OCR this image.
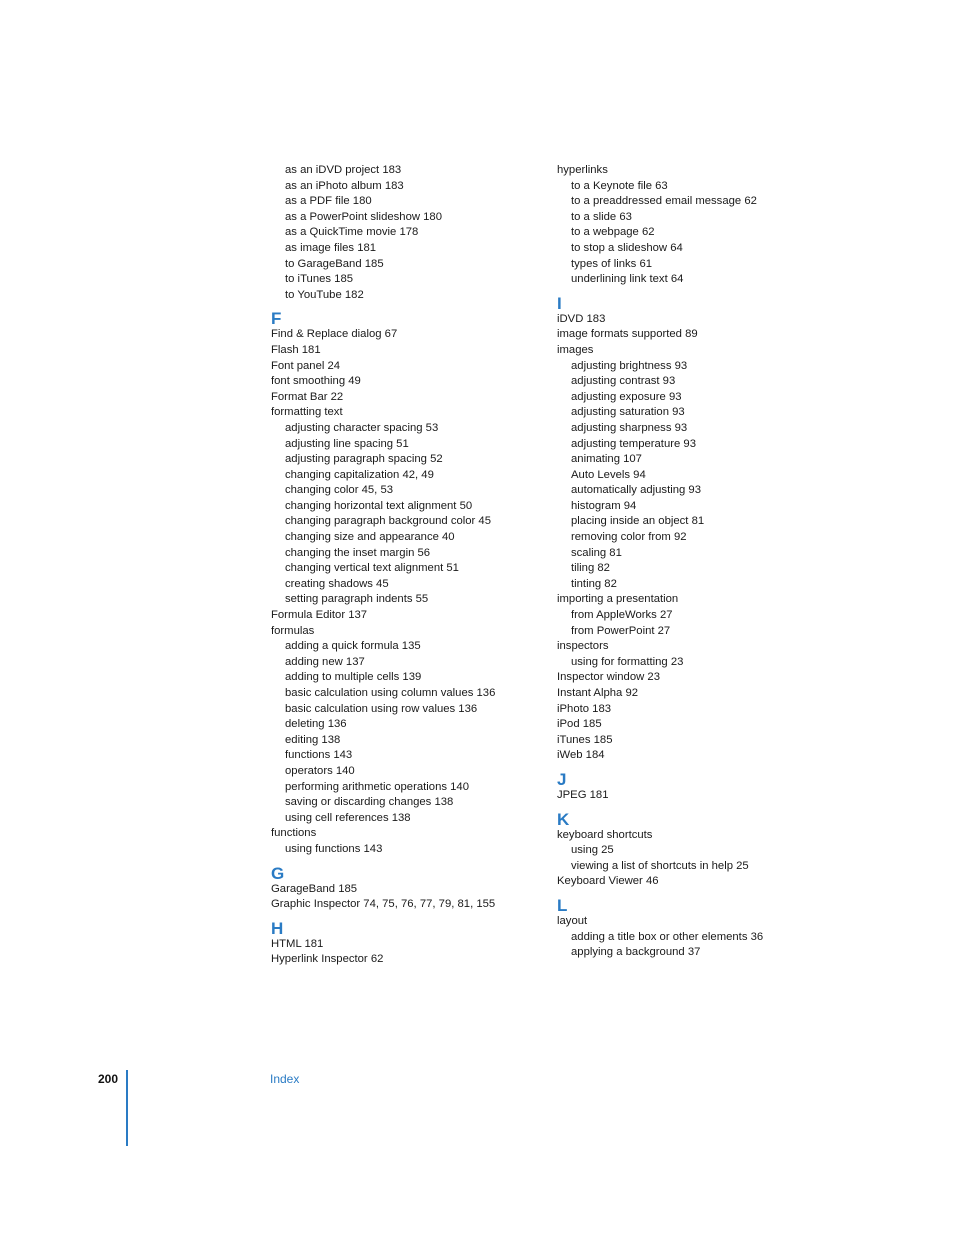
as an iDVD project 183
as an iPhoto album 183
as a PDF file 180
as a PowerPoint slideshow 180
as a QuickTime movie 178
as image files 181
to GarageBand 185
to iTunes 185
to YouTube 182
F
Find & Replace dialog 67
Flash 181
Font panel 24
font smoothing 49
Format Bar 22
formatting text
adjusting character spacing 53
adjusting line spacing 51
adjusting paragraph spacing 52
changing capitalization 42, 49
changing color 45, 53
changing horizontal text alignment 50
changing paragraph background color 45
changing size and appearance 40
changing the inset margin 56
changing vertical text alignment 51
creating shadows 45
setting paragraph indents 55
Formula Editor 137
formulas
adding a quick formula 135
adding new 137
adding to multiple cells 139
basic calculation using column values 136
basic calculation using row values 136
deleting 136
editing 138
functions 143
operators 140
performing arithmetic operations 140
saving or discarding changes 138
using cell references 138
functions
using functions 143
G
GarageBand 185
Graphic Inspector 74, 75, 76, 77, 79, 81, 155
H
HTML 181
Hyperlink Inspector 62
hyperlinks
to a Keynote file 63
to a preaddressed email message 62
to a slide 63
to a webpage 62
to stop a slideshow 64
types of links 61
underlining link text 64
I
iDVD 183
image formats supported 89
images
adjusting brightness 93
adjusting contrast 93
adjusting exposure 93
adjusting saturation 93
adjusting sharpness 93
adjusting temperature 93
animating 107
Auto Levels 94
automatically adjusting 93
histogram 94
placing inside an object 81
removing color from 92
scaling 81
tiling 82
tinting 82
importing a presentation
from AppleWorks 27
from PowerPoint 27
inspectors
using for formatting 23
Inspector window 23
Instant Alpha 92
iPhoto 183
iPod 185
iTunes 185
iWeb 184
J
JPEG 181
K
keyboard shortcuts
using 25
viewing a list of shortcuts in help 25
Keyboard Viewer 46
L
layout
adding a title box or other elements 36
applying a background 37
200	Index
